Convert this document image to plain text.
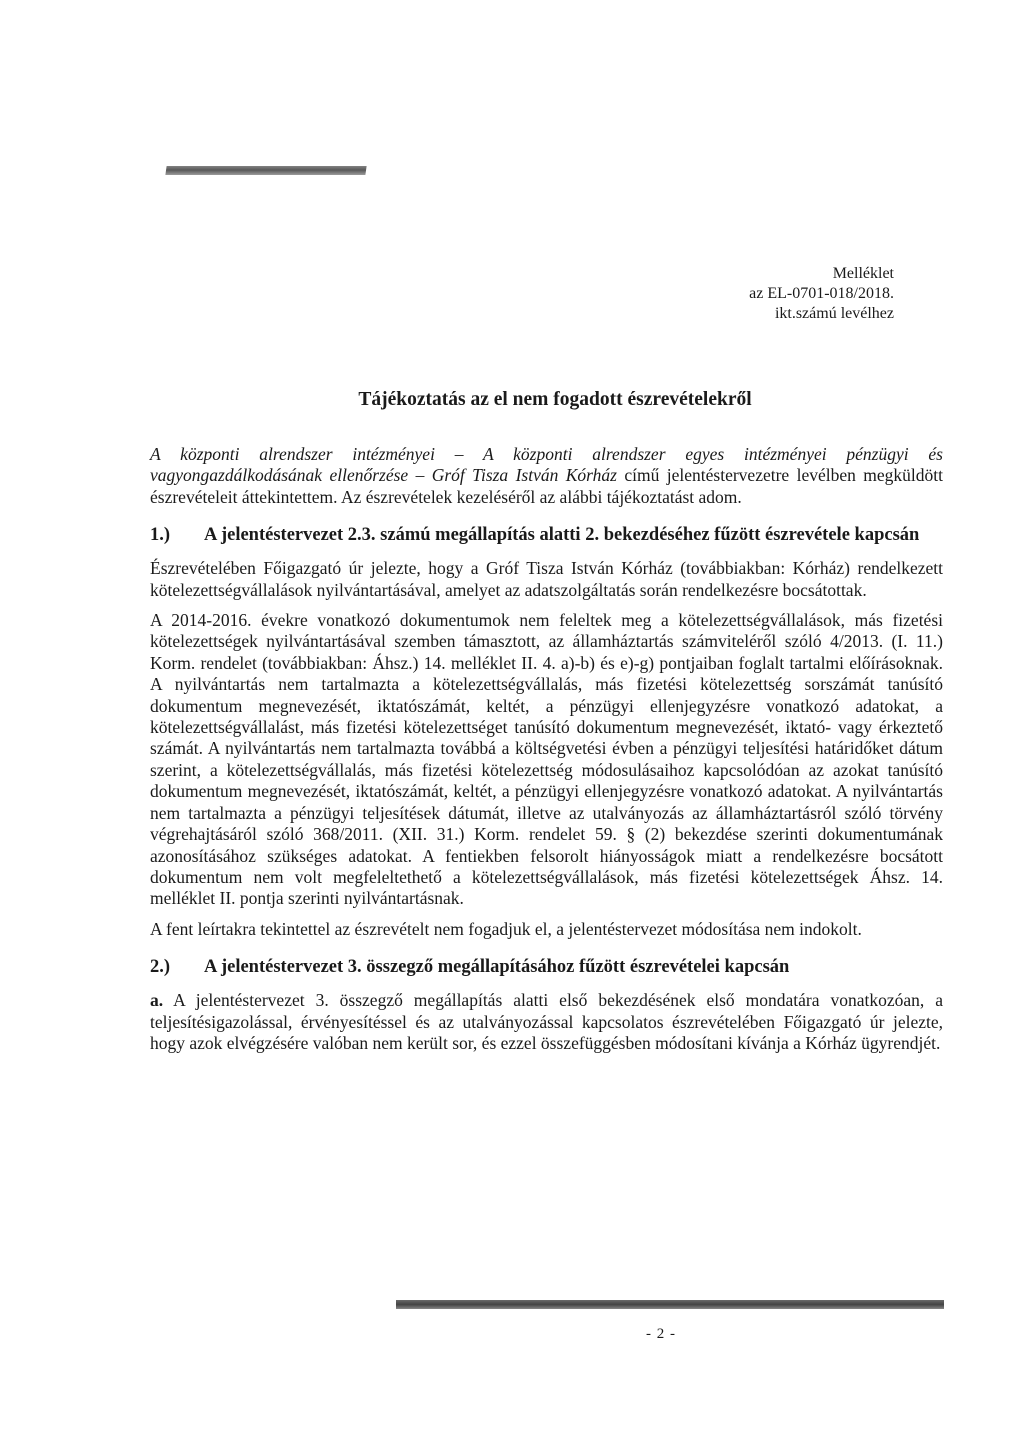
Melléklet
az EL-0701-018/2018.
ikt.számú levélhez
Tájékoztatás az el nem fogadott észrevételekről

A központi alrendszer intézményei – A központi alrendszer egyes intézményei pénzügyi és vagyongazdálkodásának ellenőrzése – Gróf Tisza István Kórház című jelentéstervezetre levélben megküldött észrevételeit áttekintettem. Az észrevételek kezeléséről az alábbi tájékoztatást adom.

1.)	A jelentéstervezet 2.3. számú megállapítás alatti 2. bekezdéséhez fűzött észrevétele kapcsán

Észrevételében Főigazgató úr jelezte, hogy a Gróf Tisza István Kórház (továbbiakban: Kórház) rendelkezett kötelezettségvállalások nyilvántartásával, amelyet az adatszolgáltatás során rendelkezésre bocsátottak.

A 2014-2016. évekre vonatkozó dokumentumok nem feleltek meg a kötelezettségvállalások, más fizetési kötelezettségek nyilvántartásával szemben támasztott, az államháztartás számviteléről szóló 4/2013. (I. 11.) Korm. rendelet (továbbiakban: Áhsz.) 14. melléklet II. 4. a)-b) és e)-g) pontjaiban foglalt tartalmi előírásoknak. A nyilvántartás nem tartalmazta a kötelezettségvállalás, más fizetési kötelezettség sorszámát tanúsító dokumentum megnevezését, iktatószámát, keltét, a pénzügyi ellenjegyzésre vonatkozó adatokat, a kötelezettségvállalást, más fizetési kötelezettséget tanúsító dokumentum megnevezését, iktató- vagy érkeztető számát. A nyilvántartás nem tartalmazta továbbá a költségvetési évben a pénzügyi teljesítési határidőket dátum szerint, a kötelezettségvállalás, más fizetési kötelezettség módosulásaihoz kapcsolódóan az azokat tanúsító dokumentum megnevezését, iktatószámát, keltét, a pénzügyi ellenjegyzésre vonatkozó adatokat. A nyilvántartás nem tartalmazta a pénzügyi teljesítések dátumát, illetve az utalványozás az államháztartásról szóló törvény végrehajtásáról szóló 368/2011. (XII. 31.) Korm. rendelet 59. § (2) bekezdése szerinti dokumentumának azonosításához szükséges adatokat. A fentiekben felsorolt hiányosságok miatt a rendelkezésre bocsátott dokumentum nem volt megfeleltethető a kötelezettségvállalások, más fizetési kötelezettségek Áhsz. 14. melléklet II. pontja szerinti nyilvántartásnak.

A fent leírtakra tekintettel az észrevételt nem fogadjuk el, a jelentéstervezet módosítása nem indokolt.

2.)	A jelentéstervezet 3. összegző megállapításához fűzött észrevételei kapcsán

a. A jelentéstervezet 3. összegző megállapítás alatti első bekezdésének első mondatára vonatkozóan, a teljesítésigazolással, érvényesítéssel és az utalványozással kapcsolatos észrevételében Főigazgató úr jelezte, hogy azok elvégzésére valóban nem került sor, és ezzel összefüggésben módosítani kívánja a Kórház ügyrendjét.

- 2 -
